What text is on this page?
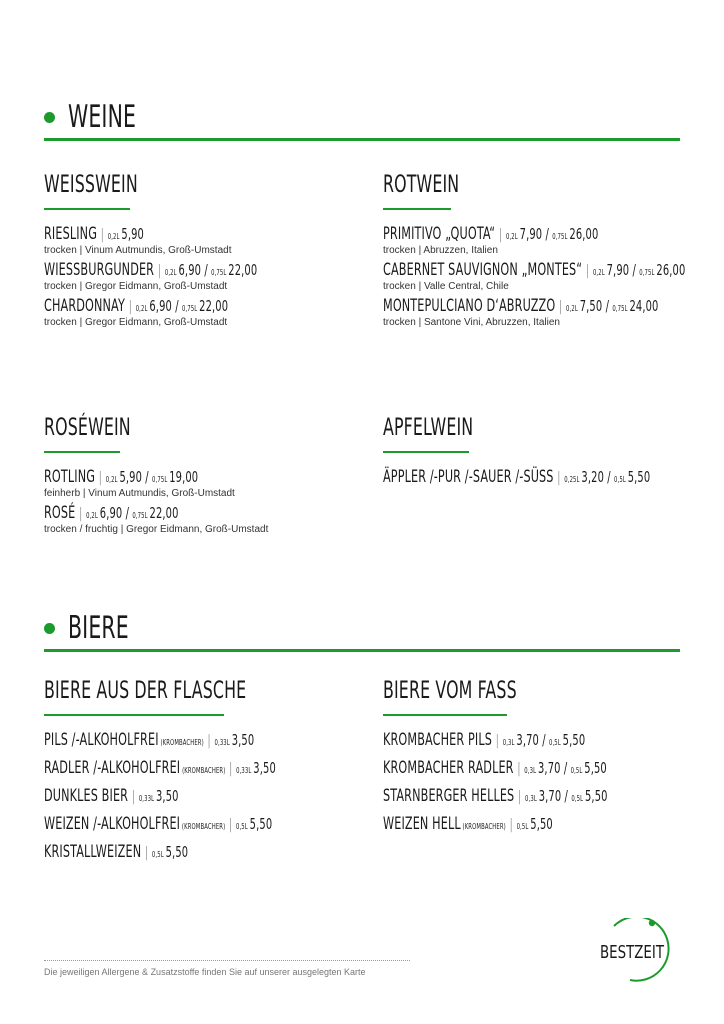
WEINE
WEISSWEIN
RIESLING | 0,2L 5,90
trocken | Vinum Autmundis, Groß-Umstadt
WIESSBURGUNDER | 0,2L 6,90 / 0,75L 22,00
trocken | Gregor Eidmann, Groß-Umstadt
CHARDONNAY | 0,2L 6,90 / 0,75L 22,00
trocken | Gregor Eidmann, Groß-Umstadt
ROTWEIN
PRIMITIVO „QUOTA“ | 0,2L 7,90 / 0,75L 26,00
trocken | Abruzzen, Italien
CABERNET SAUVIGNON „MONTES“ | 0,2L 7,90 / 0,75L 26,00
trocken | Valle Central, Chile
MONTEPULCIANO D‘ABRUZZO | 0,2L 7,50 / 0,75L 24,00
trocken | Santone Vini, Abruzzen, Italien
ROSÉWEIN
ROTLING | 0,2L 5,90 / 0,75L 19,00
feinherb | Vinum Autmundis, Groß-Umstadt
ROSÉ | 0,2L 6,90 / 0,75L 22,00
trocken / fruchtig | Gregor Eidmann, Groß-Umstadt
APFELWEIN
ÄPPLER /-PUR /-SAUER /-SÜSS | 0,25L 3,20 / 0,5L 5,50
BIERE
BIERE AUS DER FLASCHE
PILS /-ALKOHOLFREI (KROMBACHER) | 0,33L 3,50
RADLER /-ALKOHOLFREI (KROMBACHER) | 0,33L 3,50
DUNKLES BIER | 0,33L 3,50
WEIZEN /-ALKOHOLFREI (KROMBACHER) | 0,5L 5,50
KRISTALLWEIZEN | 0,5L 5,50
BIERE VOM FASS
KROMBACHER PILS | 0,3L 3,70 / 0,5L 5,50
KROMBACHER RADLER | 0,3L 3,70 / 0,5L 5,50
STARNBERGER HELLES | 0,3L 3,70 / 0,5L 5,50
WEIZEN HELL (KROMBACHER) | 0,5L 5,50
Die jeweiligen Allergene & Zusatzstoffe finden Sie auf unserer ausgelegten Karte
BESTZEIT
